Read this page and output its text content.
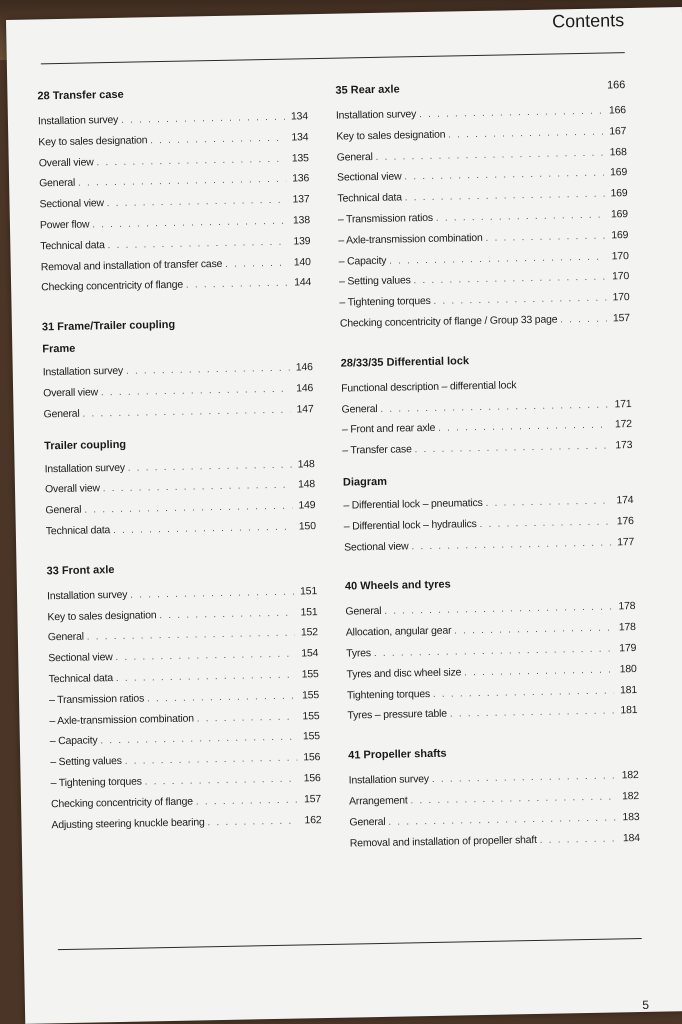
Contents
28 Transfer case
Installation survey . . .	134
Key to sales designation . . .	134
Overall view . . .	135
General . . .	136
Sectional view . . .	137
Power flow . . .	138
Technical data . . .	139
Removal and installation of transfer case . . .	140
Checking concentricity of flange . . .	144
31 Frame/Trailer coupling
Frame
Installation survey . . .	146
Overall view . . .	146
General . . .	147
Trailer coupling
Installation survey . . .	148
Overall view . . .	148
General . . .	149
Technical data . . .	150
33 Front axle
Installation survey . . .	151
Key to sales designation . . .	151
General . . .	152
Sectional view . . .	154
Technical data . . .	155
– Transmission ratios . . .	155
– Axle-transmission combination . . .	155
– Capacity . . .	155
– Setting values . . .	156
– Tightening torques . . .	156
Checking concentricity of flange . . .	157
Adjusting steering knuckle bearing . . .	162
35 Rear axle	166
Installation survey . . .	166
Key to sales designation . . .	167
General . . .	168
Sectional view . . .	169
Technical data . . .	169
– Transmission ratios . . .	169
– Axle-transmission combination . . .	169
– Capacity . . .	170
– Setting values . . .	170
– Tightening torques . . .	170
Checking concentricity of flange / Group 33 page . . .	157
28/33/35 Differential lock
Functional description – differential lock
General . . .	171
– Front and rear axle . . .	172
– Transfer case . . .	173
Diagram
– Differential lock – pneumatics . . .	174
– Differential lock – hydraulics . . .	176
Sectional view . . .	177
40 Wheels and tyres
General . . .	178
Allocation, angular gear . . .	178
Tyres . . .	179
Tyres and disc wheel size . . .	180
Tightening torques . . .	181
Tyres – pressure table . . .	181
41 Propeller shafts
Installation survey . . .	182
Arrangement . . .	182
General . . .	183
Removal and installation of propeller shaft . . .	184
5
